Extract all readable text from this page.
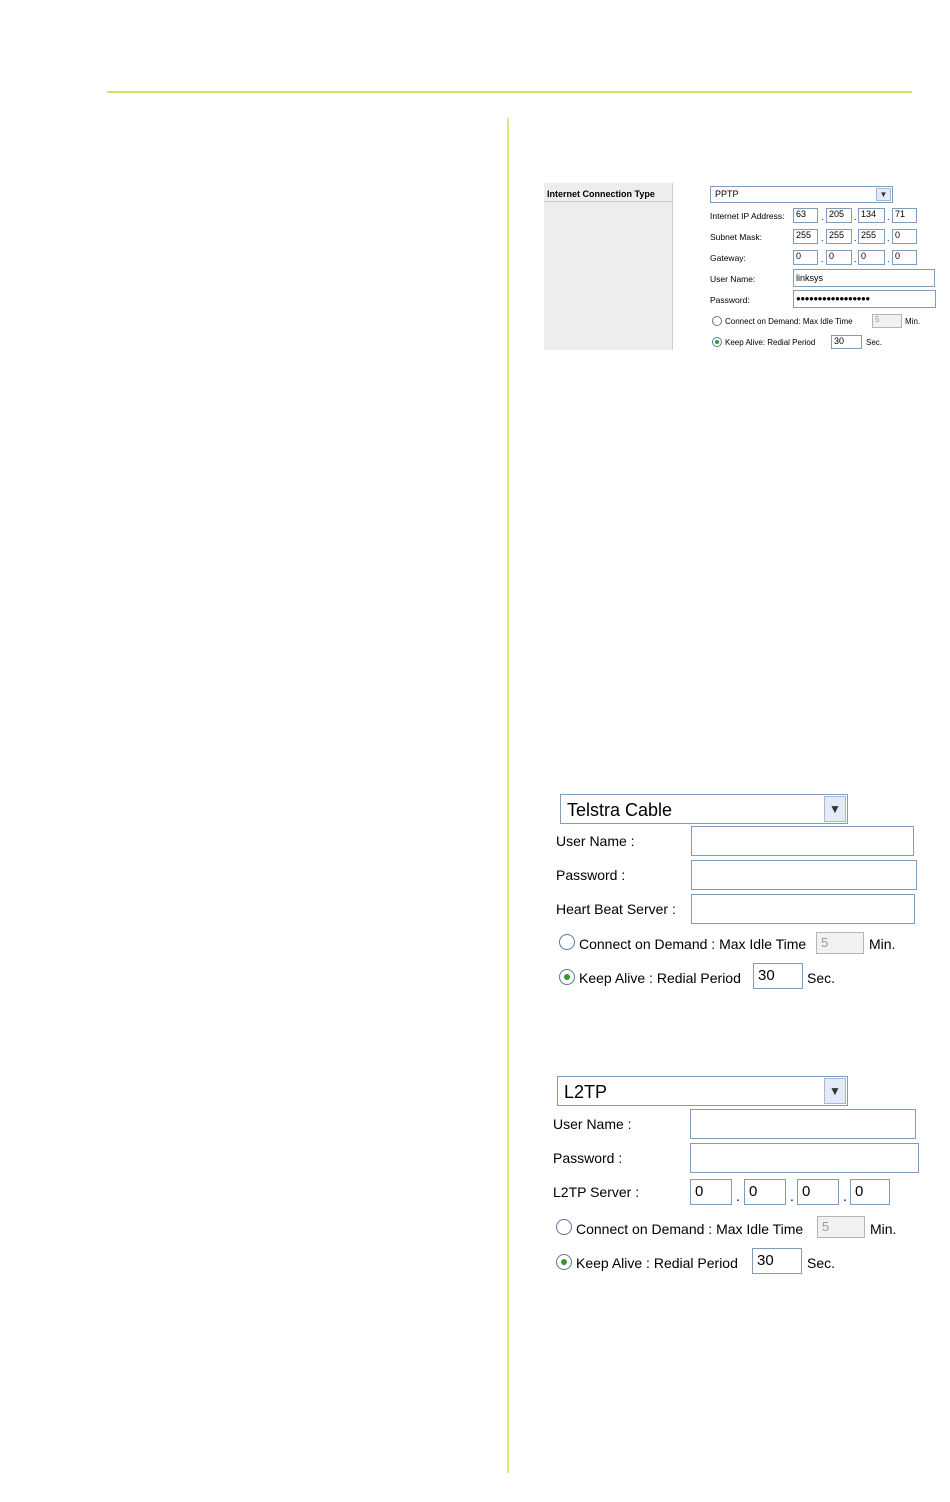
Internet Connection Type	PPTP	▼
Internet IP Address:	63	. 205	. 134	. 71
Subnet Mask:	255	. 255	. 255	. 0
Gateway:	0	. 0	. 0	. 0
User Name:	linksys
Password:	●●●●●●●●●●●●●●●●●
Connect on Demand: Max Idle Time	5	Min.
Keep Alive: Redial Period	30	Sec.
Telstra Cable	▼
User Name :
Password :
Heart Beat Server :
Connect on Demand : Max Idle Time	5	Min.
Keep Alive : Redial Period	30	Sec.
L2TP	▼
User Name :
Password :
L2TP Server :	0	. 0	. 0	. 0
Connect on Demand : Max Idle Time	5	Min.
Keep Alive : Redial Period	30	Sec.
